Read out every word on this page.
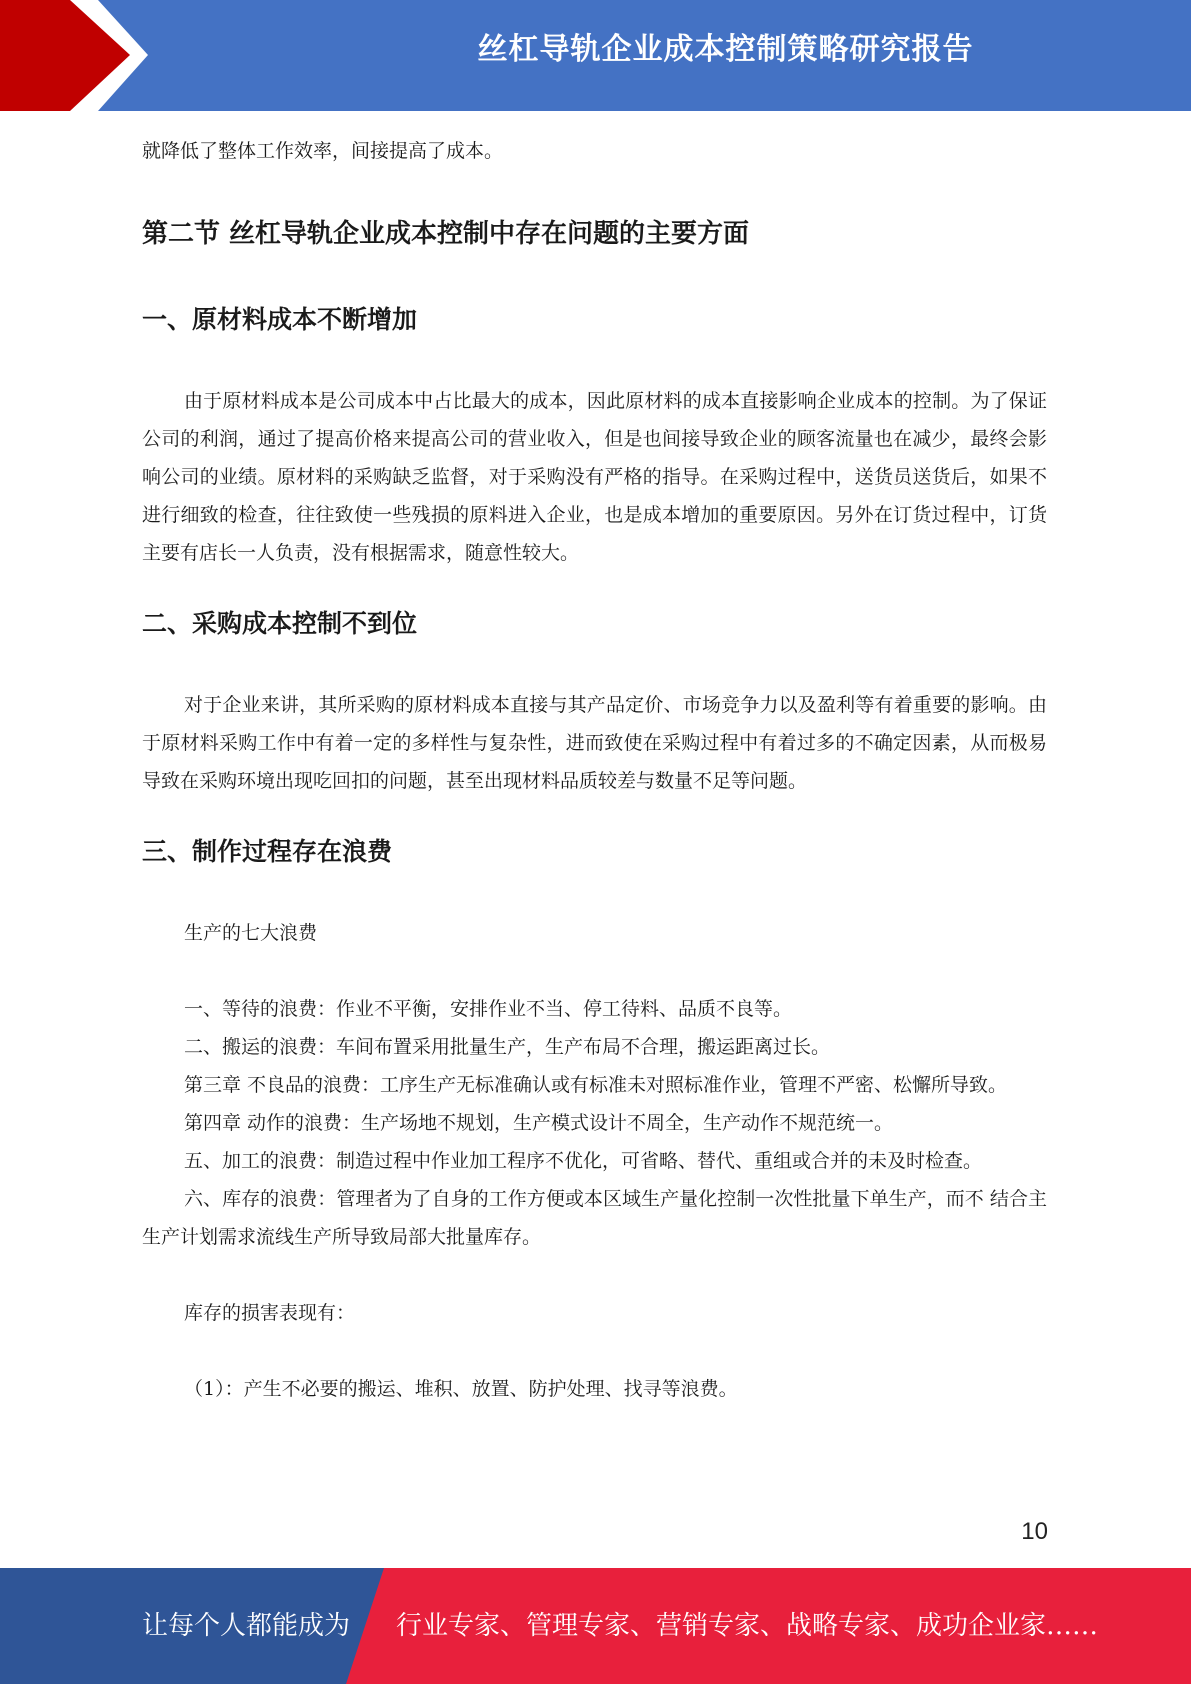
丝杠导轨企业成本控制策略研究报告

就降低了整体工作效率，间接提高了成本。

第二节 丝杠导轨企业成本控制中存在问题的主要方面
一、原材料成本不断增加

由于原材料成本是公司成本中占比最大的成本，因此原材料的成本直接影响企业成本的控制。为了保证公司的利润，通过了提高价格来提高公司的营业收入，但是也间接导致企业的顾客流量也在减少，最终会影响公司的业绩。原材料的采购缺乏监督，对于采购没有严格的指导。在采购过程中，送货员送货后，如果不进行细致的检查，往往致使一些残损的原料进入企业，也是成本增加的重要原因。另外在订货过程中，订货主要有店长一人负责，没有根据需求，随意性较大。

二、采购成本控制不到位

对于企业来讲，其所采购的原材料成本直接与其产品定价、市场竞争力以及盈利等有着重要的影响。由于原材料采购工作中有着一定的多样性与复杂性，进而致使在采购过程中有着过多的不确定因素，从而极易导致在采购环境出现吃回扣的问题，甚至出现材料品质较差与数量不足等问题。

三、制作过程存在浪费

生产的七大浪费

一、等待的浪费：作业不平衡，安排作业不当、停工待料、品质不良等。

二、搬运的浪费：车间布置采用批量生产，生产布局不合理，搬运距离过长。

第三章 不良品的浪费：工序生产无标准确认或有标准未对照标准作业，管理不严密、松懈所导致。

第四章 动作的浪费：生产场地不规划，生产模式设计不周全，生产动作不规范统一。

五、加工的浪费：制造过程中作业加工程序不优化，可省略、替代、重组或合并的未及时检查。

六、库存的浪费：管理者为了自身的工作方便或本区域生产量化控制一次性批量下单生产，而不 结合主生产计划需求流线生产所导致局部大批量库存。

库存的损害表现有：

（1）：产生不必要的搬运、堆积、放置、防护处理、找寻等浪费。

10
让每个人都能成为 行业专家、管理专家、营销专家、战略专家、成功企业家……
